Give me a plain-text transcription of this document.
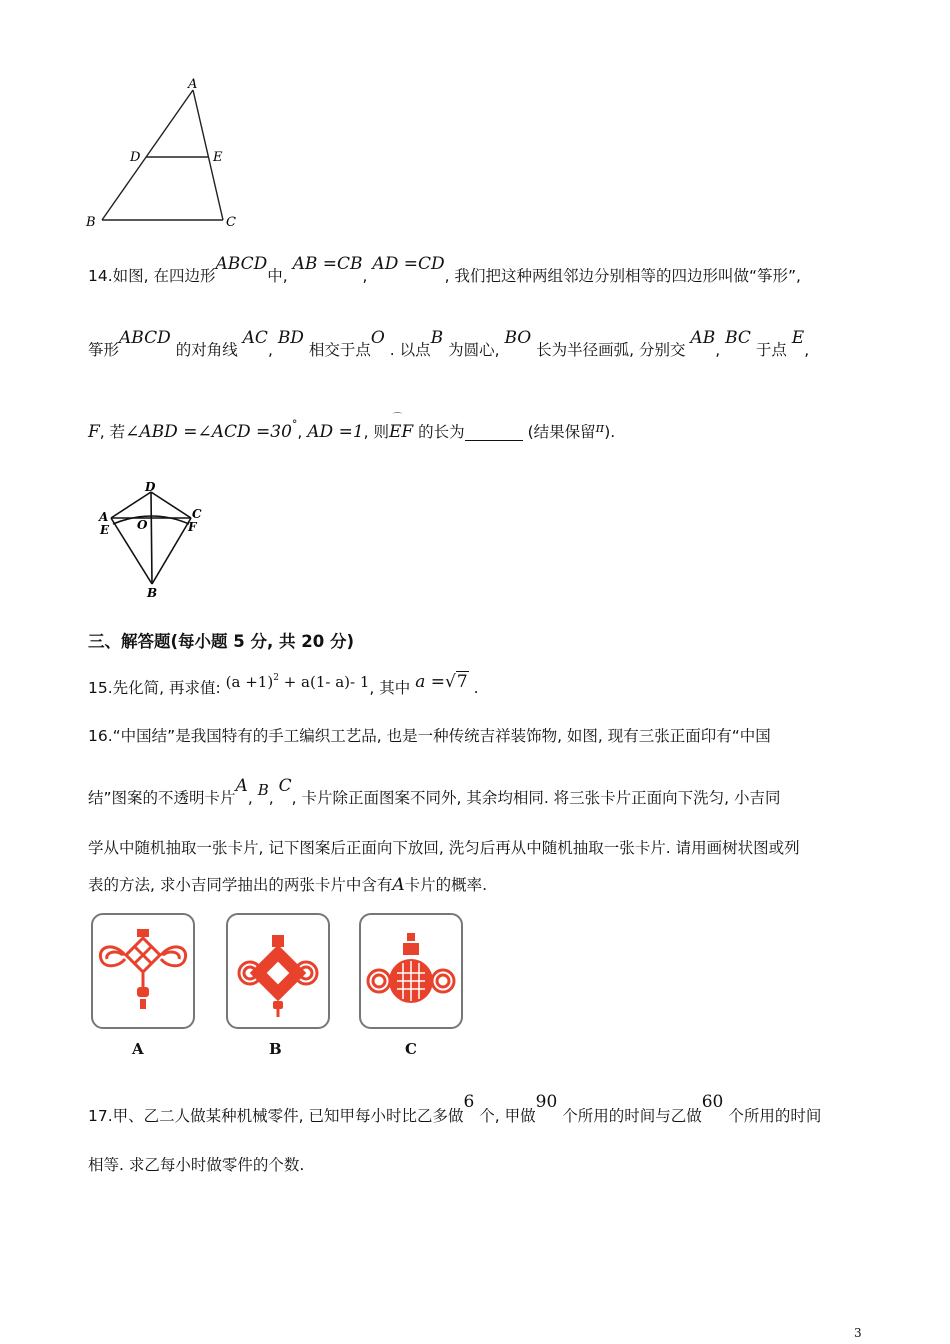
A
D	E
B	C
14.如图, 在四边形ABCD中, AB =CB, AD =CD, 我们把这种两组邻边分别相等的四边形叫做“筝形”,
筝形ABCD 的对角线 AC, BD 相交于点O . 以点B 为圆心, BO 长为半径画弧, 分别交 AB, BC 于点 E,
F, 若∠ABD =∠ACD =30°, AD =1, 则
⌒
EF 的长为	(结果保留$^\pi$).
D
A	C
E O	F
B
三、解答题(每小题 5 分, 共 20 分)
15.先化简, 再求值: $(a +1)^2 + a(1-$ a)- 1, 其中 a =√7 .
16.“中国结”是我国特有的手工编织工艺品, 也是一种传统吉祥装饰物, 如图, 现有三张正面印有“中国
结”图案的不透明卡片A, B, C, 卡片除正面图案不同外, 其余均相同. 将三张卡片正面向下洗匀, 小吉同
学从中随机抽取一张卡片, 记下图案后正面向下放回, 洗匀后再从中随机抽取一张卡片. 请用画树状图或列
表的方法, 求小吉同学抽出的两张卡片中含有A卡片的概率.
A	B	C
17.甲、乙二人做某种机械零件, 已知甲每小时比乙多做6 个, 甲做90 个所用的时间与乙做60 个所用的时间
相等. 求乙每小时做零件的个数.
3
